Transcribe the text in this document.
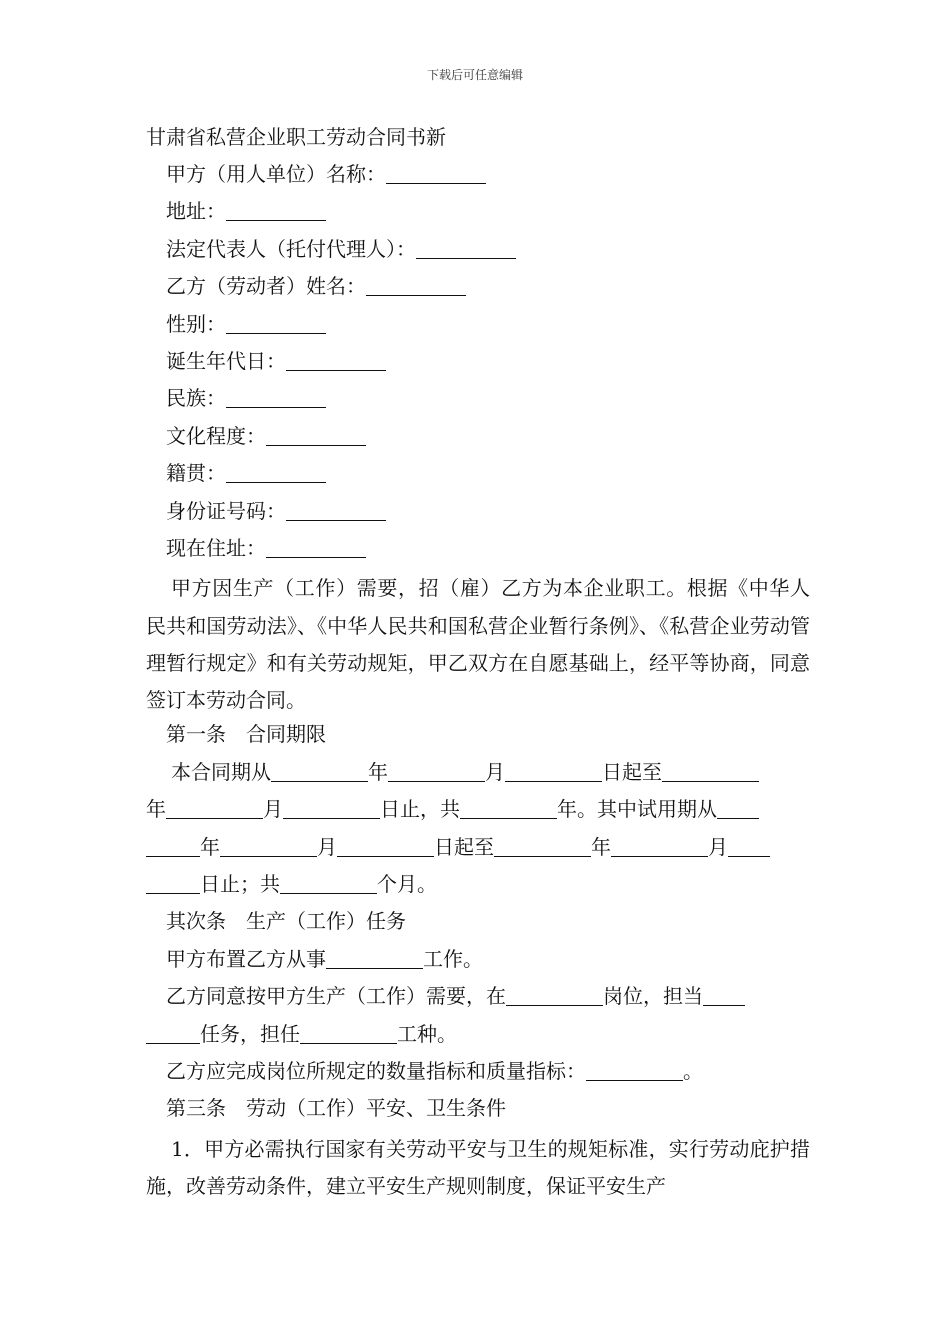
下载后可任意编辑
甘肃省私营企业职工劳动合同书新
甲方（用人单位）名称：
地址：
法定代表人（托付代理人）：
乙方（劳动者）姓名：
性别：
诞生年代日：
民族：
文化程度：
籍贯：
身份证号码：
现在住址：
甲方因生产（工作）需要，招（雇）乙方为本企业职工。根据《中华人民共和国劳动法》、《中华人民共和国私营企业暂行条例》、《私营企业劳动管理暂行规定》和有关劳动规矩，甲乙双方在自愿基础上，经平等协商，同意签订本劳动合同。
第一条　合同期限
本合同期从	年	月	日起至
年	月	日止，共	年。其中试用期从
年	月	日起至	年	月
日止；共	个月。
其次条　生产（工作）任务
甲方布置乙方从事	工作。
乙方同意按甲方生产（工作）需要，在	岗位，担当
任务，担任	工种。
乙方应完成岗位所规定的数量指标和质量指标：	。
第三条　劳动（工作）平安、卫生条件
1．甲方必需执行国家有关劳动平安与卫生的规矩标准，实行劳动庇护措施，改善劳动条件，建立平安生产规则制度，保证平安生产
